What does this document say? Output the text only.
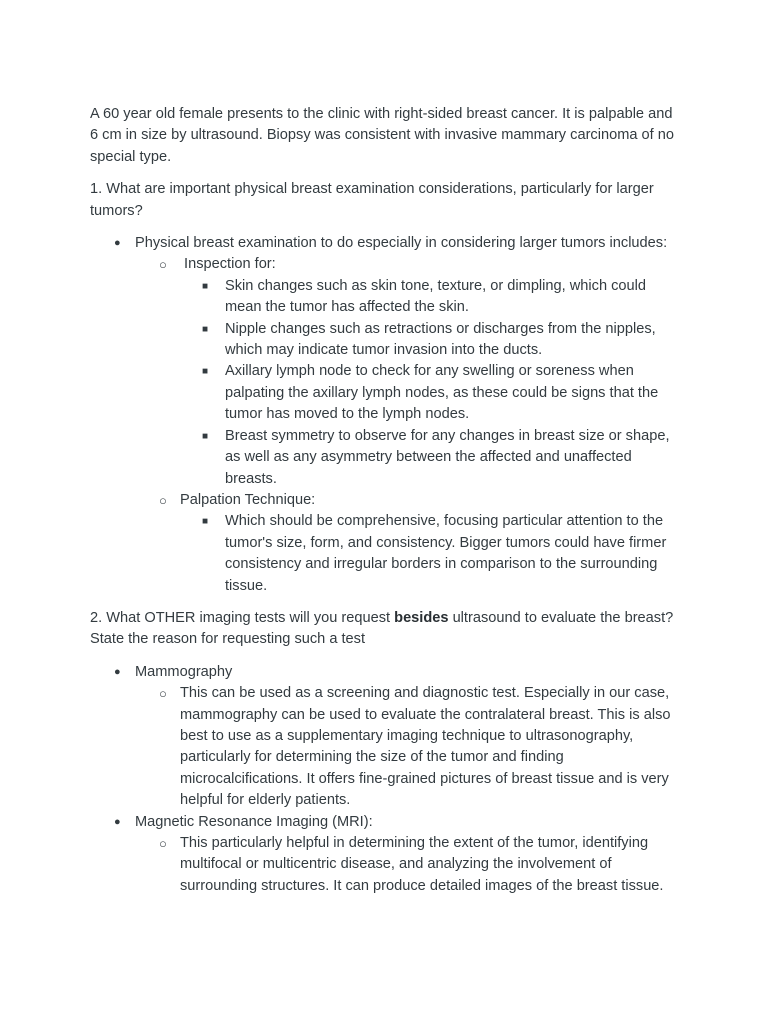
A 60 year old female presents to the clinic with right-sided breast cancer. It is palpable and 6 cm in size by ultrasound. Biopsy was consistent with invasive mammary carcinoma of no special type.

1. What are important physical breast examination considerations, particularly for larger tumors?

● Physical breast examination to do especially in considering larger tumors includes:
○ Inspection for:
■ Skin changes such as skin tone, texture, or dimpling, which could mean the tumor has affected the skin.
■ Nipple changes such as retractions or discharges from the nipples, which may indicate tumor invasion into the ducts.
■ Axillary lymph node to check for any swelling or soreness when palpating the axillary lymph nodes, as these could be signs that the tumor has moved to the lymph nodes.
■ Breast symmetry to observe for any changes in breast size or shape, as well as any asymmetry between the affected and unaffected breasts.
○ Palpation Technique:
■ Which should be comprehensive, focusing particular attention to the tumor's size, form, and consistency. Bigger tumors could have firmer consistency and irregular borders in comparison to the surrounding tissue.

2. What OTHER imaging tests will you request besides ultrasound to evaluate the breast? State the reason for requesting such a test

● Mammography
○ This can be used as a screening and diagnostic test. Especially in our case, mammography can be used to evaluate the contralateral breast. This is also best to use as a supplementary imaging technique to ultrasonography, particularly for determining the size of the tumor and finding microcalcifications. It offers fine-grained pictures of breast tissue and is very helpful for elderly patients.
● Magnetic Resonance Imaging (MRI):
○ This particularly helpful in determining the extent of the tumor, identifying multifocal or multicentric disease, and analyzing the involvement of surrounding structures. It can produce detailed images of the breast tissue.
